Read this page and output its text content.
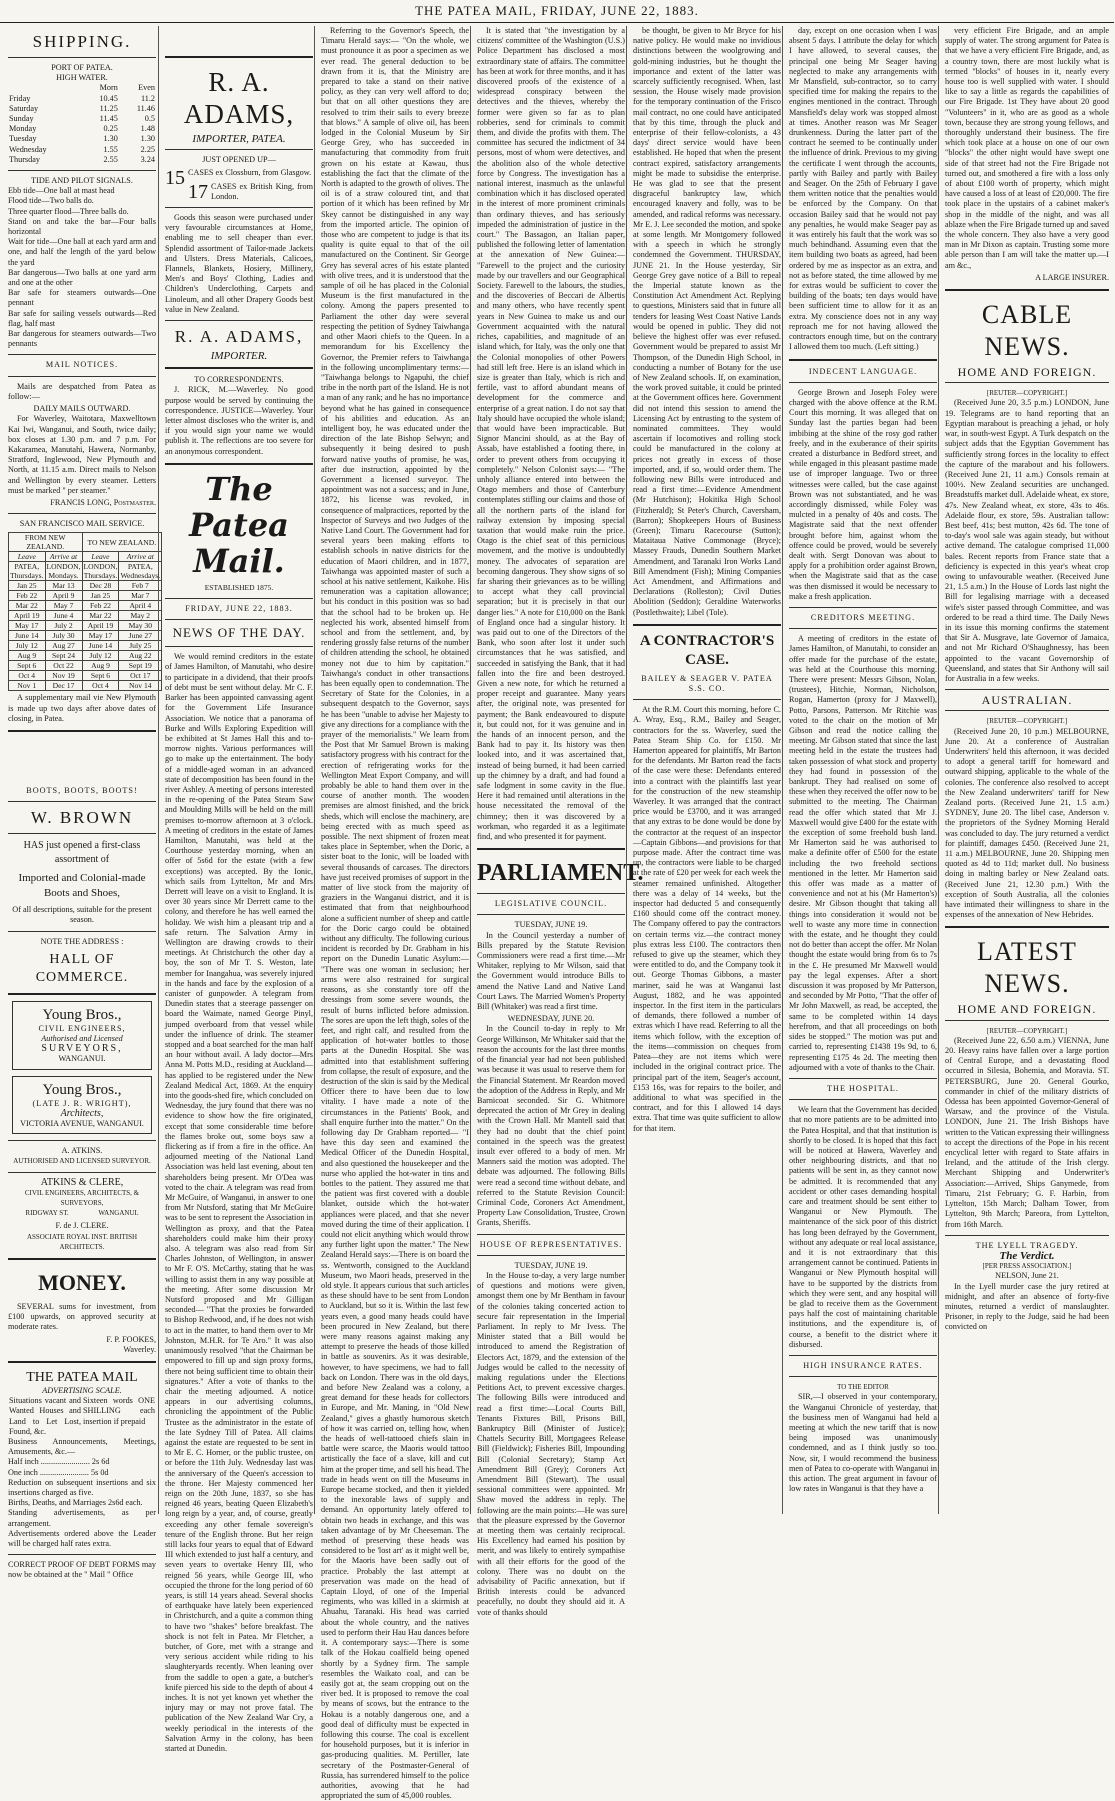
THE PATEA MAIL, FRIDAY, JUNE 22, 1883.
SHIPPING.
PORT OF PATEA.
HIGH WATER.
	Morn	Even
Friday	10.45	11.2
Saturday	11.25	11.46
Sunday	11.45	0.5
Monday	0.25	1.48
Tuesday	1.30	1.30
Wednesday	1.55	2.25
Thursday	2.55	3.24
TIDE AND PILOT SIGNALS.
Ebb tide—One ball at mast head
Flood tide—Two balls do.
Three quarter flood—Three balls do.
Stand on and take the bar—Four balls horizontal
Wait for tide—One ball at each yard arm and one, and half the length of the yard below the yard
Bar dangerous—Two balls at one yard arm and one at the other
Bar safe for steamers outwards—One pennant
Bar safe for sailing vessels outwards—Red flag, half mast
Bar dangerous for steamers outwards—Two pennants
MAIL NOTICES.

Mails are despatched from Patea as follow:—

DAILY MAILS OUTWARD.

For Waverley, Waitotara, Maxwelltown Kai Iwi, Wanganui, and South, twice daily; box closes at 1.30 p.m. and 7 p.m. For Kakaramea, Manutahi, Hawera, Normanby, Stratford, Inglewood, New Plymouth and North, at 11.15 a.m. Direct mails to Nelson and Wellington by every steamer. Letters must be marked " per steamer."

FRANCIS LONG, Postmaster.
SAN FRANCISCO MAIL SERVICE.
FROM NEW ZEALAND.		TO NEW ZEALAND.	
Leave	Arrive at	Leave	Arrive at
PATEA, Thursdays.	LONDON, Mondays.	LONDON, Thursdays.	PATEA, Wednesdays.
Jan 25	Mar 13	Dec 28	Feb 7
Feb 22	April 9	Jan 25	Mar 7
Mar 22	May 7	Feb 22	April 4
April 19	June 4	Mar 22	May 2
May 17	July 2	April 19	May 30
June 14	July 30	May 17	June 27
July 12	Aug 27	June 14	July 25
Aug 9	Sept 24	July 12	Aug 22
Sept 6	Oct 22	Aug 9	Sept 19
Oct 4	Nov 19	Sept 6	Oct 17
Nov 1	Dec 17	Oct 4	Nov 14

A supplementary mail vie New Plymouth is made up two days after above dates of closing, in Patea.

BOOTS, BOOTS, BOOTS!
W. BROWN
HAS just opened a first-class assortment of
Imported and Colonial-made Boots and Shoes,
Of all descriptions, suitable for the present season.
NOTE THE ADDRESS :
HALL OF COMMERCE.
Young Bros.,
CIVIL ENGINEERS,
Authorised and Licensed
SURVEYORS,
WANGANUI.
Young Bros.,
(LATE J. R. WRIGHT),
Architects,
VICTORIA AVENUE, WANGANUI.
A. ATKINS.
AUTHORISED AND LICENSED SURVEYOR.
ATKINS & CLERE,
CIVIL ENGINEERS, ARCHITECTS, & SURVEYORS,
RIDGWAY ST.                 WANGANUI.
F. de J. CLERE.
ASSOCIATE ROYAL INST. BRITISH ARCHITECTS.
MONEY.

SEVERAL sums for investment, from £100 upwards, on approved security at moderate rates.

F. P. FOOKES,
Waverley.
THE PATEA MAIL
ADVERTISING SCALE.
Situations vacant and Wanted Houses and Land to Let Lost, Found, &c.	Sixteen words ONE SHILLING each insertion if prepaid
Business Announcements, Meetings, Amusements, &c.—
Half inch ........................ 2s 6d
One inch ........................ 5s 0d
Reduction on subsequent insertions and six insertions charged as five.
Births, Deaths, and Marriages 2s6d each.
Standing advertisements, as per arrangement.
Advertisements ordered above the Leader will be charged half rates extra.
CORRECT PROOF OF DEBT FORMS may now be obtained at the " Mail " Office
R. A. ADAMS,
IMPORTER, PATEA.
JUST OPENED UP—
15 CASES ex Clossburn, from Glasgow.
17 CASES ex British King, from London.

Goods this season were purchased under very favourable circumstances at Home, enabling me to sell cheaper than ever. Splendid assortment of Tailor-made Jackets and Ulsters. Dress Materials, Calicoes, Flannels, Blankets, Hosiery, Millinery, Men's and Boys' Clothing, Ladies and Children's Underclothing, Carpets and Linoleum, and all other Drapery Goods best value in New Zealand.

R. A. ADAMS,
IMPORTER.
TO CORRESPONDENTS.

J. RICK, M.—Waverley. No good purpose would be served by continuing the correspondence. JUSTICE—Waverley. Your letter almost discloses who the writer is, and if you would sign your name we would publish it. The reflections are too severe for an anonymous correspondent.

The Patea Mail.
ESTABLISHED 1875.
FRIDAY, JUNE 22, 1883.
NEWS OF THE DAY.

We would remind creditors in the estate of James Hamilton, of Manutahi, who desire to participate in a dividend, that their proofs of debt must be sent without delay. Mr C. F. Barker has been appointed canvassing agent for the Government Life Insurance Association. We notice that a panorama of Burke and Wills Exploring Expedition will be exhibited at St James Hall this and to-morrow nights. Various performances will go to make up the entertainment. The body of a middle-aged woman in an advanced state of decomposition has been found in the river Ashley. A meeting of persons interested in the re-opening of the Patea Steam Saw and Moulding Mills will be held on the mill premises to-morrow afternoon at 3 o'clock. A meeting of creditors in the estate of James Hamilton, Manutahi, was held at the Courthouse yesterday morning, when an offer of 5s6d for the estate (with a few exceptions) was accepted. By the Ionic, which sails from Lyttelton, Mr and Mrs Derrett will leave on a visit to England. It is over 30 years since Mr Derrett came to the colony, and therefore he has well earned the holiday. We wish him a pleasant trip and a safe return. The Salvation Army in Wellington are drawing crowds to their meetings. At Christchurch the other day a boy, the son of Mr T. S. Weston, late member for Inangahua, was severely injured in the hands and face by the explosion of a canister of gunpowder. A telegram from Dunedin states that a steerage passenger on board the Waimate, named George Pinyl, jumped overboard from that vessel while under the influence of drink. The steamer stopped and a boat searched for the man half an hour without avail. A lady doctor—Mrs Anna M. Potts M.D., residing at Auckland—has applied to be registered under the New Zealand Medical Act, 1869. At the enquiry into the goods-shed fire, which concluded on Wednesday, the jury found that there was no evidence to show how the fire originated, except that some considerable time before the flames broke out, some boys saw a flickering as if from a fire in the office. An adjourned meeting of the National Land Association was held last evening, about ten shareholders being present. Mr O'Dea was voted to the chair. A telegram was read from Mr McGuire, of Wanganui, in answer to one from Mr Nutsford, stating that Mr McGuire was to be sent to represent the Association in Wellington as proxy, and that the Patea shareholders could make him their proxy also. A telegram was also read from Sir Charles Johnston, of Wellington, in answer to Mr F. O'S. McCarthy, stating that he was willing to assist them in any way possible at the meeting. After some discussion Mr Nutsford proposed and Mr Gilligan seconded— "That the proxies be forwarded to Bishop Redwood, and, if he does not wish to act in the matter, to hand them over to Mr Johnston, M.H.R. for Te Aro." It was also unanimously resolved "that the Chairman be empowered to fill up and sign proxy forms, there not being sufficient time to obtain their signatures." After a vote of thanks to the chair the meeting adjourned. A notice appears in our advertising columns, chronicling the appointment of the Public Trustee as the administrator in the estate of the late Sydney Till of Patea. All claims against the estate are requested to be sent in to Mr E. C. Horner, or the public trustee, on or before the 11th July. Wednesday last was the anniversary of the Queen's accession to the throne. Her Majesty commenced her reign on the 20th June, 1837, so she has reigned 46 years, beating Queen Elizabeth's long reign by a year, and, of course, greatly exceeding any other female sovereign's tenure of the English throne. But her reign still lacks four years to equal that of Edward III which extended to just half a century, and seven years to overtake Henry III, who reigned 56 years, while George III, who occupied the throne for the long period of 60 years, is still 14 years ahead. Several shocks of earthquake have lately been experienced in Christchurch, and a quite a common thing to have two "shakes" before breakfast. The shock is not felt in Patea. Mr Fletcher, a butcher, of Gore, met with a strange and very serious accident while riding to his slaughteryards recently. When leaning over from the saddle to open a gate, a butcher's knife pierced his side to the depth of about 4 inches. It is not yet known yet whether the injury may or may not prove fatal. The publication of the New Zealand War Cry, a weekly periodical in the interests of the Salvation Army in the colony, has been started at Dunedin.

Referring to the Governor's Speech, the Timaru Herald says:— "On the whole, we must pronounce it as poor a specimen as we ever read. The general deduction to be drawn from it is, that the Ministry are prepared to take a stand on their native policy, as they can very well afford to do; but that on all other questions they are resolved to trim their sails to every breeze that blows." A sample of olive oil, has been lodged in the Colonial Museum by Sir George Grey, who has succeeded in manufacturing that commodity from fruit grown on his estate at Kawau, thus establishing the fact that the climate of the North is adapted to the growth of olives. The oil is of a straw coloured tint, and that portion of it which has been refined by Mr Skey cannot be distinguished in any way from the imported article. The opinion of those who are competent to judge is that its quality is quite equal to that of the oil manufactured on the Continent. Sir George Grey has several acres of his estate planted with olive trees, and it is understood that the sample of oil he has placed in the Colonial Museum is the first manufactured in the colony. Among the papers presented to Parliament the other day were several respecting the petition of Sydney Taiwhanga and other Maori chiefs to the Queen. In a memorandum for his Excellency the Governor, the Premier refers to Taiwhanga in the following uncomplimentary terms:— "Taiwhanga belongs to Ngapuhi, the chief tribe in the north part of the Island. He is not a man of any rank; and he has no importance beyond what he has gained in consequence of his abilities and education. As an intelligent boy, he was educated under the direction of the late Bishop Selwyn; and subsequently it being desired to push forward native youths of promise, he was, after due instruction, appointed by the Government a licensed surveyor. The appointment was not a success; and in June, 1872, his license was revoked, in consequence of malpractices, reported by the Inspector of Surveys and two Judges of the Native Land Court. The Government had for several years been making efforts to establish schools in native districts for the education of Maori children, and in 1877, Taiwhanga was appointed master of such a school at his native settlement, Kaikohe. His remuneration was a capitation allowance; but his conduct in this position was so bad that the school had to be broken up. He neglected his work, absented himself from school and from the settlement, and, by rendering grossly false returns of the number of children attending the school, he obtained money not due to him by capitation." Taiwhanga's conduct in other transactions has been equally open to condemnation. The Secretary of State for the Colonies, in a subsequent despatch to the Governor, says he has been "unable to advise her Majesty to give any directions for a compliance with the prayer of the memorialists." We learn from the Post that Mr Samuel Brown is making satisfactory progress with his contract for the erection of refrigerating works for the Wellington Meat Export Company, and will probably be able to hand them over in the course of another month. The wooden premises are almost finished, and the brick sheds, which will enclose the machinery, are being erected with as much speed as possible. The next shipment of frozen meat takes place in September, when the Doric, a sister boat to the Ionic, will be loaded with several thousands of carcases. The directors have just received promises of support in the matter of live stock from the majority of graziers in the Wanganui district, and it is estimated that from that neighbourhood alone a sufficient number of sheep and cattle for the Doric cargo could be obtained without any difficulty. The following curious incident is recorded by Dr. Grabham in his report on the Dunedin Lunatic Asylum:— "There was one woman in seclusion; her arms were also restrained for surgical reasons, as she constantly tore off the dressings from some severe wounds, the result of burns inflicted before admission. The sores are upon the left thigh, soles of the feet, and right calf, and resulted from the application of hot-water bottles to those parts at the Dunedin Hospital. She was admitted into that establishment suffering from collapse, the result of exposure, and the destruction of the skin is said by the Medical Officer there to have been due to low vitality. I have made a note of the circumstances in the Patients' Book, and shall enquire further into the matter." On the following day Dr Grabham reported— "I have this day seen and examined the Medical Officer of the Dunedin Hospital, and also questioned the housekeeper and the nurse who applied the hot-water in tins and bottles to the patient. They assured me that the patient was first covered with a double blanket, outside which the hot-water appliances were placed, and that she never moved during the time of their application. I could not elicit anything which would throw any further light upon the matter." The New Zealand Herald says:—There is on board the ss. Wentworth, consigned to the Auckland Museum, two Maori heads, preserved in the old style. It appears curious that such articles as these should have to be sent from London to Auckland, but so it is. Within the last few years even, a good many heads could have been procured in New Zealand, but there were many reasons against making any attempt to preserve the heads of those killed in battle as souvenirs. As it was desirable, however, to have specimens, we had to fall back on London. There was in the old days, and before New Zealand was a colony, a great demand for these heads for collectors in Europe, and Mr. Maning, in "Old New Zealand," gives a ghastly humorous sketch of how it was carried on, telling how, when the heads of well-tattooed chiefs slain in battle were scarce, the Maoris would tattoo artistically the face of a slave, kill and cut him at the proper time, and sell his head. The trade in heads went on till the Museums in Europe became stocked, and then it yielded to the inexorable laws of supply and demand. An opportunity lately offered to obtain two heads in exchange, and this was taken advantage of by Mr Cheeseman. The method of preserving these heads was considered to be 'lost art' as it might well be, for the Maoris have been sadly out of practice. Probably the last attempt at preservation was made on the head of Captain Lloyd, of one of the Imperial regiments, who was killed in a skirmish at Ahuahu, Taranaki. His head was carried about the whole country, and the natives used to perform their Hau Hau dances before it. A contemporary says:—There is some talk of the Hokau coalfield being opened shortly by a Sydney firm. The sample resembles the Waikato coal, and can be easily got at, the seam cropping out on the river bed. It is proposed to remove the coal by means of scows, but the entrance to the Hokau is a notably dangerous one, and a good deal of difficulty must be expected in following this course. The coal is excellent for household purposes, but it is inferior in gas-producing qualities. M. Pertiller, late secretary of the Postmaster-General of Russia, has surrendered himself to the police authorities, avowing that he had appropriated the sum of 45,000 roubles.

It is stated that "the investigation by a citizens' committee of the Washington (U.S.) Police Department has disclosed a most extraordinary state of affairs. The committee has been at work for three months, and it has discovered proofs of the existence of a widespread conspiracy between the detectives and the thieves, whereby the former were given so far as to plan robberies, send for criminals to commit them, and divide the profits with them. The committee has secured the indictment of 34 persons, most of whom were detectives, and the abolition also of the whole detective force by Congress. The investigation has a national interest, inasmuch as the unlawful combination which it has disclosed operated in the interest of more prominent criminals than ordinary thieves, and has seriously impeded the administration of justice in the court." The Bassagon, an Italian paper, published the following letter of lamentation at the annexation of New Guinea:— "Farewell to the project and the curiosity made by our travellers and our Geographical Society. Farewell to the labours, the studies, and the discoveries of Beccari de Albertis and many others, who have recently spent years in New Guinea to make us and our Government acquainted with the natural riches, capabilities, and magnitude of an island which, for Italy, was the only one that the Colonial monopolies of other Powers had still left free. Here is an island which in size is greater than Italy, which is rich and fertile, vast to afford abundant means of development for the commerce and enterprise of a great nation. I do not say that Italy should have occupied the whole island; that would have been impracticable. But Signor Mancini should, as at the Bay of Assab, have established a footing there, in order to prevent others from occupying it completely." Nelson Colonist says:— "The unholy alliance entered into between the Otago members and those of Canterbury contemplates stifling our claims and those of all the northern parts of the island for railway extension by imposing special taxation that would make ruin the price. Otago is the chief seat of this pernicious movement, and the motive is undoubtedly money. The advocates of separation are becoming dangerous. They show signs of so far sharing their grievances as to be willing to accept what they call provincial separation; but it is precisely in that our danger lies." A note for £10,000 on the Bank of England once had a singular history. It was paid out to one of the Directors of the Bank, who soon after lost it under such circumstances that he was satisfied, and succeeded in satisfying the Bank, that it had fallen into the fire and been destroyed. Given a new note, for which he returned a proper receipt and guarantee. Many years after, the original note, was presented for payment; the Bank endeavoured to dispute it, but could not, for it was genuine and in the hands of an innocent person, and the Bank had to pay it. Its history was then looked into, and it was ascertained that, instead of being burned, it had been carried up the chimney by a draft, and had found a safe lodgment in some cavity in the flue. Here it had remained until alterations in the house necessitated the removal of the chimney; then it was discovered by a workman, who regarded it as a legitimate find, and who presented it for payment.

PARLIAMENT.
LEGISLATIVE COUNCIL.
TUESDAY, JUNE 19.

In the Council yesterday a number of Bills prepared by the Statute Revision Commissioners were read a first time.—Mr Whitaker, replying to Mr Wilson, said that the Government would introduce Bills to amend the Native Land and Native Land Court Laws. The Married Women's Property Bill (Whitaker) was read a first time.

WEDNESDAY, JUNE 20.

In the Council to-day in reply to Mr George Wilkinson, Mr Whitaker said that the reason the accounts for the last three months of the financial year had not been published was because it was usual to reserve them for the Financial Statement. Mr Reardon moved the adoption of the Address in Reply, and Mr Barnicoat seconded. Sir G. Whitmore deprecated the action of Mr Grey in dealing with the Crown Hall. Mr Mantell said that they had no doubt that the chief point contained in the speech was the greatest insult ever offered to a body of men. Mr Manners said the motion was adopted. The debate was adjourned. The following Bills were read a second time without debate, and referred to the Statute Revision Council: Criminal Code, Coroners Act Amendment, Property Law Consolidation, Trustee, Crown Grants, Sheriffs.

HOUSE OF REPRESENTATIVES.
TUESDAY, JUNE 19.

In the House to-day, a very large number of questions and motions were given, amongst them one by Mr Bentham in favour of the colonies taking concerted action to secure fair representation in the Imperial Parliament. In reply to Mr Ivess. The Minister stated that a Bill would be introduced to amend the Registration of Electors Act, 1879, and the extension of the Judges would be called to the necessity of making regulations under the Elections Petitions Act, to prevent excessive charges. The following Bills were introduced and read a first time:—Local Courts Bill, Tenants Fixtures Bill, Prisons Bill, Bankruptcy Bill (Minister of Justice); Chattels Security Bill, Mortgagees Release Bill (Fieldwick); Fisheries Bill, Impounding Bill (Colonial Secretary); Stamp Act Amendment Bill (Grey); Coroners Act Amendment Bill (Stewart). The usual sessional committees were appointed. Mr Shaw moved the address in reply. The following are the main points:—He was sure that the pleasure expressed by the Governor at meeting them was certainly reciprocal. His Excellency had earned his position by merit, and was likely to entirely sympathise with all their efforts for the good of the colony. There was no doubt on the advisability of Pacific annexation, but if British interests could be advanced peacefully, no doubt they should aid it. A vote of thanks should

be thought, be given to Mr Bryce for his native policy. He would make no invidious distinctions between the woolgrowing and gold-mining industries, but he thought the importance and extent of the latter was scarcely sufficiently recognised. When, last session, the House wisely made provision for the temporary continuation of the Frisco mail contract, no one could have anticipated that by this time, through the pluck and enterprise of their fellow-colonists, a 43 days' direct service would have been established. He hoped that when the present contract expired, satisfactory arrangements might be made to subsidise the enterprise. He was glad to see that the present disgraceful bankruptcy law, which encouraged knavery and folly, was to be amended, and radical reforms was necessary. Mr E. J. Lee seconded the motion, and spoke at some length. Mr Montgomery followed with a speech in which he strongly condemned the Government. THURSDAY, JUNE 21. In the House yesterday, Sir George Grey gave notice of a Bill to repeal the Imperial statute known as the Constitution Act Amendment Act. Replying to questions, Ministers said that in future all tenders for leasing West Coast Native Lands would be opened in public. They did not believe the highest offer was ever refused. Government would be prepared to assist Mr Thompson, of the Dunedin High School, in conducting a number of Botany for the use of New Zealand schools. If, on examination, the work proved suitable, it could be printed at the Government offices here. Government did not intend this session to amend the Licensing Act by entrusting to the system of nominated committees. They would ascertain if locomotives and rolling stock could be manufactured in the colony at prices not greatly in excess of those imported, and, if so, would order them. The following new Bills were introduced and read a first time:—Evidence Amendment (Mr Hutchison); Hokitika High School (Fitzherald); St Peter's Church, Caversham, (Barron); Shopkeepers Hours of Business (Green); Timaru Racecourse (Sutton); Mataitaua Native Commonage (Bryce); Massey Frauds, Dunedin Southern Market Amendment, and Taranaki Iron Works Land Bill Amendment (Fish); Mining Companies Act Amendment, and Affirmations and Declarations (Rolleston); Civil Duties Abolition (Seddon); Geraldine Waterworks (Postlethwaite); Libel (Tole).

A CONTRACTOR'S CASE.
BAILEY & SEAGER V. PATEA S.S. CO.

At the R.M. Court this morning, before C. A. Wray, Esq., R.M., Bailey and Seager, contractors for the ss. Waverley, sued the Patea Steam Ship Co. for £150. Mr Hamerton appeared for plaintiffs, Mr Barton for the defendants. Mr Barton read the facts of the case were these: Defendants entered into a contract with the plaintiffs last year for the construction of the new steamship Waverley. It was arranged that the contract price would be £3700, and it was arranged that any extras to be done would be done by the contractor at the request of an inspector—Captain Gibbons—and provisions for that purpose made. After the contract time was up, the contractors were liable to be charged at the rate of £20 per week for each week the steamer remained unfinished. Altogether there was a delay of 14 weeks, but the inspector had deducted 5 and consequently £160 should come off the contract money. The Company offered to pay the contractors on certain terms viz.—the contract money plus extras less £100. The contractors then refused to give up the steamer, which they were entitled to do, and the Company took it out. George Thomas Gibbons, a master mariner, said he was at Wanganui last August, 1882, and he was appointed inspector. In the first item in the particulars of demands, there followed a number of extras which I have read. Referring to all the items which follow, with the exception of the items—commission on cheques from Patea—they are not items which were included in the original contract price. The principal part of the item, Seager's account, £153 16s, was for repairs to the boiler, and additional to what was specified in the contract, and for this I allowed 14 days extra. That time was quite sufficient to allow for that item.

day, except on one occasion when I was absent 5 days. I attribute the delay for which I have allowed, to several causes, the principal one being Mr Seager having neglected to make any arrangements with Mr Mansfield, sub-contractor, so to carry specified time for making the repairs to the engines mentioned in the contract. Through Mansfield's delay work was stopped almost at times. Another reason was Mr Seager drunkenness. During the latter part of the contract he seemed to be continually under the influence of drink. Previous to my giving the certificate I went through the accounts, partly with Bailey and partly with Bailey and Seager. On the 25th of February I gave them written notice that the penalties would be enforced by the Company. On that occasion Bailey said that he would not pay any penalties, he would make Seager pay as it was entirely his fault that the work was so much behindhand. Assuming even that the item building two boats as agreed, had been ordered by me as inspector as an extra, and not as before stated, the time allowed by me for extras would be sufficient to cover the building of the boats; ten days would have been sufficient time to allow for it as an extra. My conscience does not in any way reproach me for not having allowed the contractors enough time, but on the contrary I allowed them too much. (Left sitting.)

INDECENT LANGUAGE.

George Brown and Joseph Foley were charged with the above offence at the R.M. Court this morning. It was alleged that on Sunday last the parties began had been imbibing at the shine of the rosy god rather freely, and in the exuberance of their spirits created a disturbance in Bedford street, and while engaged in this pleasant pastime made use of improper language. Two or three witnesses were called, but the case against Brown was not substantiated, and he was accordingly dismissed, while Foley was mulcted in a penalty of 40s and costs. The Magistrate said that the next offender brought before him, against whom the offence could be proved, would be severely dealt with. Sergt Donovan was about to apply for a prohibition order against Brown, when the Magistrate said that as the case was then dismissed it would be necessary to make a fresh application.

CREDITORS MEETING.

A meeting of creditors in the estate of James Hamilton, of Manutahi, to consider an offer made for the purchase of the estate, was held at the Courthouse this morning. There were present: Messrs Gibson, Nolan, (trustees), Hitchie, Norman, Nicholson, Rogan, Hamerton (proxy for J Maxwell), Potto, Parsons, Patterson. Mr Ritchie was voted to the chair on the motion of Mr Gibson and read the notice calling the meeting. Mr Gibson stated that since the last meeting held in the estate the trustees had taken possession of what stock and property they had found in possession of the bankrupt. They had realised on some of these when they received the offer now to be submitted to the meeting. The Chairman read the offer which stated that Mr J. Maxwell would give £400 for the estate with the exception of some freehold bush land. Mr Hamerton said he was authorised to make a definite offer of £500 for the estate including the two freehold sections mentioned in the letter. Mr Hamerton said this offer was made as a matter of convenience and not at his (Mr Hamerton's) desire. Mr Gibson thought that taking all things into consideration it would not be well to waste any more time in connection with the estate, and he thought they could not do better than accept the offer. Mr Nolan thought the estate would bring from 6s to 7s in the £. He presumed Mr Maxwell would pay the legal expenses. After a short discussion it was proposed by Mr Patterson, and seconded by Mr Potto, "That the offer of Mr John Maxwell, as read, be accepted, the same to be completed within 14 days herefrom, and that all proceedings on both sides be stopped." The motion was put and carried to, representing £1438 19s 9d, to 6, representing £175 4s 2d. The meeting then adjourned with a vote of thanks to the Chair.

THE HOSPITAL.

We learn that the Government has decided that no more patients are to be admitted into the Patea Hospital, and that that institution is shortly to be closed. It is hoped that this fact will be noticed at Hawera, Waverley and other neighbouring districts, and that no patients will be sent in, as they cannot now be admitted. It is recommended that any accident or other cases demanding hospital care and treatment should be sent either to Wanganui or New Plymouth. The maintenance of the sick poor of this district has long been defrayed by the Government, without any adequate or real local assistance, and it is not extraordinary that this arrangement cannot be continued. Patients in Wanganui or New Plymouth hospital will have to be supported by the districts from which they were sent, and any hospital will be glad to receive them as the Government pays half the cost of maintaining charitable institutions, and the expenditure is, of course, a benefit to the district where it disbursed.

HIGH INSURANCE RATES.
TO THE EDITOR

SIR,—I observed in your contemporary, the Wanganui Chronicle of yesterday, that the business men of Wanganui had held a meeting at which the new tariff that is now being imposed was unanimously condemned, and as I think justly so too. Now, sir, I would recommend the business men of Patea to co-operate with Wanganui in this action. The great argument in favour of low rates in Wanganui is that they have a

very efficient Fire Brigade, and an ample supply of water. The strong argument for Patea is that we have a very efficient Fire Brigade, and, as a country town, there are most luckily what is termed "blocks" of houses in it, nearly every house too is well supplied with water. I should like to say a little as regards the capabilities of our Fire Brigade. 1st They have about 20 good "Volunteers" in it, who are as good as a whole town, because they are strong young fellows, and thoroughly understand their business. The fire which took place at a house on one of our own "blocks" the other night would have swept one side of that street had not the Fire Brigade not turned out, and smothered a fire with a loss only of about £100 worth of property, which might have caused a loss of at least of £20,000. The fire took place in the upstairs of a cabinet maker's shop in the middle of the night, and was all ablaze when the Fire Brigade turned up and saved the whole concern. They also have a very good man in Mr Dixon as captain. Trusting some more able person than I am will take the matter up.—I am &c.,

A LARGE INSURER.
CABLE NEWS.
HOME AND FOREIGN.
[REUTER—COPYRIGHT.]

(Received June 20, 3.5 p.m.) LONDON, June 19. Telegrams are to hand reporting that an Egyptian marabout is preaching a jehad, or holy war, in south-west Egypt. A Turk despatch on the subject adds that the Egyptian Government has sufficiently strong forces in the locality to effect the capture of the marabout and his followers. (Received June 21, 11 a.m.) Consols remain at 100½. New Zealand securities are unchanged. Breadstuffs market dull. Adelaide wheat, ex store, 47s. New Zealand wheat, ex store, 43s to 46s. Adelaide flour, ex store, 59s. Australian tallow: Best beef, 41s; best mutton, 42s 6d. The tone of to-day's wool sale was again steady, but without active demand. The catalogue comprised 11,000 bales. Recent reports from France state that a deficiency is expected in this year's wheat crop owing to unfavourable weather. (Received June 21, 1.5 a.m.) In the House of Lords last night the Bill for legalising marriage with a deceased wife's sister passed through Committee, and was ordered to be read a third time. The Daily News in its issue this morning confirms the statement that Sir A. Musgrave, late Governor of Jamaica, and not Mr Richard O'Shaughnessy, has been appointed to the vacant Governorship of Queensland, and states that Sir Anthony will sail for Australia in a few weeks.

AUSTRALIAN.
[REUTER—COPYRIGHT.]

(Received June 20, 10 p.m.) MELBOURNE, June 20. At a conference of Australian Underwriters' held this afternoon, it was decided to adopt a general tariff for homeward and outward shipping, applicable to the whole of the colonies. The conference also resolved to accept the New Zealand underwriters' tariff for New Zealand ports. (Received June 21, 1.5 a.m.) SYDNEY, June 20. The libel case, Anderson v. the proprietors of the Sydney Morning Herald was concluded to day. The jury returned a verdict for plaintiff, damages £450. (Received June 21, 11 a.m.) MELBOURNE, June 20. Shipping men quoted as 4d to 11d; market dull. No business doing in malting barley or New Zealand oats. (Received June 21, 12.30 p.m.) With the exception of South Australia, all the colonies have intimated their willingness to share in the expenses of the annexation of New Hebrides.

LATEST NEWS.
HOME AND FOREIGN.
[REUTER—COPYRIGHT.]

(Received June 22, 6.50 a.m.) VIENNA, June 20. Heavy rains have fallen over a large portion of Central Europe, and a devastating flood occurred in Silesia, Bohemia, and Moravia. ST. PETERSBURG, June 20. General Gourko, commander in chief of the military districts of Odessa has been appointed Governor-General of Warsaw, and the province of the Vistula. LONDON, June 21. The Irish Bishops have written to the Vatican expressing their willingness to accept the directions of the Pope in his recent encyclical letter with regard to State affairs in Ireland, and the attitude of the Irish clergy. Merchant Shipping and Underwriter's Association:—Arrived, Ships Ganymede, from Timaru, 21st February; G. F. Harbin, from Lyttelton, 15th March; Dalham Tower, from Lyttelton, 9th March; Pareora, from Lyttelton, from 16th March.

THE LYELL TRAGEDY.
The Verdict.
[PER PRESS ASSOCIATION.]
NELSON, June 21.

In the Lyell murder case the jury retired at midnight, and after an absence of forty-five minutes, returned a verdict of manslaughter. Prisoner, in reply to the Judge, said he had been convicted on
